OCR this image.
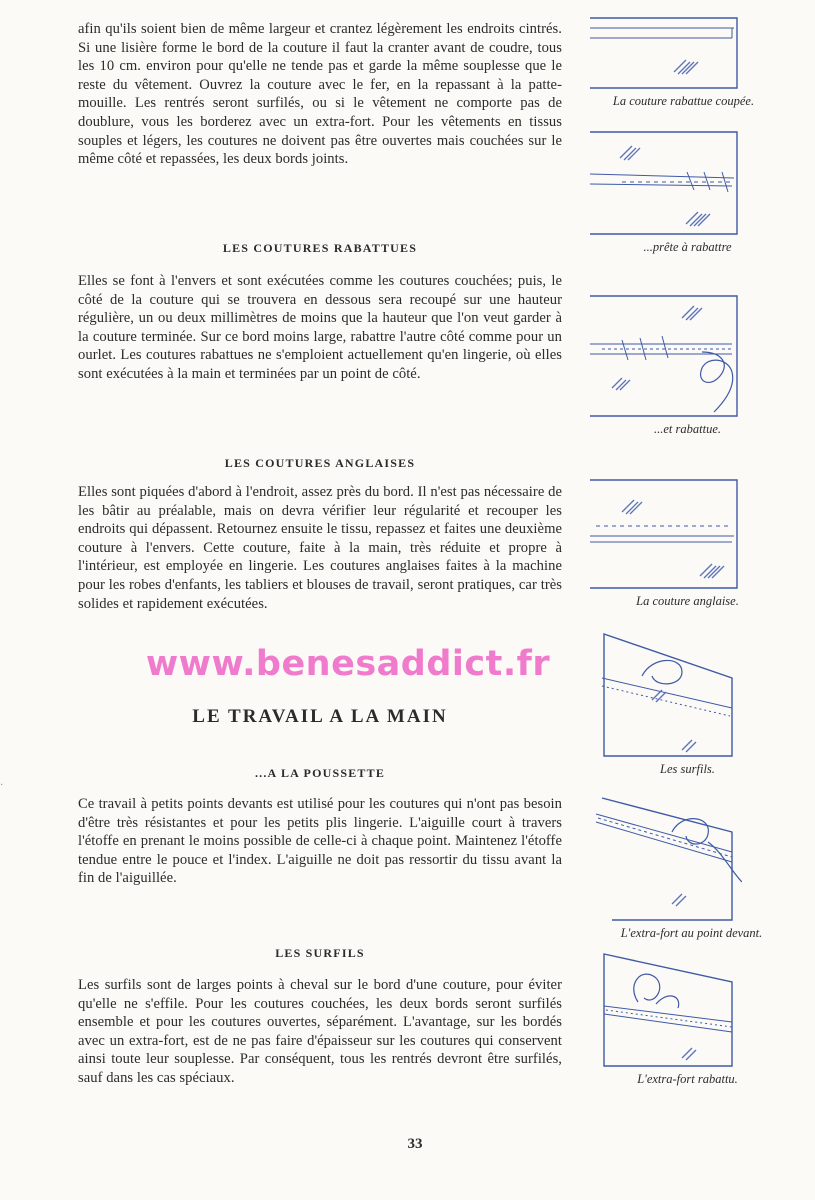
afin qu'ils soient bien de même largeur et crantez légèrement les endroits cintrés. Si une lisière forme le bord de la couture il faut la cranter avant de coudre, tous les 10 cm. environ pour qu'elle ne tende pas et garde la même souplesse que le reste du vêtement. Ouvrez la couture avec le fer, en la repassant à la patte-mouille. Les rentrés seront surfilés, ou si le vêtement ne comporte pas de doublure, vous les borderez avec un extra-fort. Pour les vêtements en tissus souples et légers, les coutures ne doivent pas être ouvertes mais couchées sur le même côté et repassées, les deux bords joints.

LES COUTURES RABATTUES

Elles se font à l'envers et sont exécutées comme les coutures couchées; puis, le côté de la couture qui se trouvera en dessous sera recoupé sur une hauteur régulière, un ou deux millimètres de moins que la hauteur que l'on veut garder à la couture terminée. Sur ce bord moins large, rabattre l'autre côté comme pour un ourlet. Les coutures rabattues ne s'emploient actuellement qu'en lingerie, où elles sont exécutées à la main et terminées par un point de côté.

LES COUTURES ANGLAISES

Elles sont piquées d'abord à l'endroit, assez près du bord. Il n'est pas nécessaire de les bâtir au préalable, mais on devra vérifier leur régularité et recouper les endroits qui dépassent. Retournez ensuite le tissu, repassez et faites une deuxième couture à l'envers. Cette couture, faite à la main, très réduite et propre à l'intérieur, est employée en lingerie. Les coutures anglaises faites à la machine pour les robes d'enfants, les tabliers et blouses de travail, seront pratiques, car très solides et rapidement exécutées.

www.benesaddict.fr

LE TRAVAIL A LA MAIN

...A LA POUSSETTE

Ce travail à petits points devants est utilisé pour les coutures qui n'ont pas besoin d'être très résistantes et pour les petits plis lingerie. L'aiguille court à travers l'étoffe en prenant le moins possible de celle-ci à chaque point. Maintenez l'étoffe tendue entre le pouce et l'index. L'aiguille ne doit pas ressortir du tissu avant la fin de l'aiguillée.

LES SURFILS

Les surfils sont de larges points à cheval sur le bord d'une couture, pour éviter qu'elle ne s'effile. Pour les coutures couchées, les deux bords seront surfilés ensemble et pour les coutures ouvertes, séparément. L'avantage, sur les bordés avec un extra-fort, est de ne pas faire d'épaisseur sur les coutures qui conservent ainsi toute leur souplesse. Par conséquent, tous les rentrés devront être surfilés, sauf dans les cas spéciaux.

33

·

La couture rabattue coupée.

...prête à rabattre

...et rabattue.

La couture anglaise.

Les surfils.

L'extra-fort au point devant.

L'extra-fort rabattu.
